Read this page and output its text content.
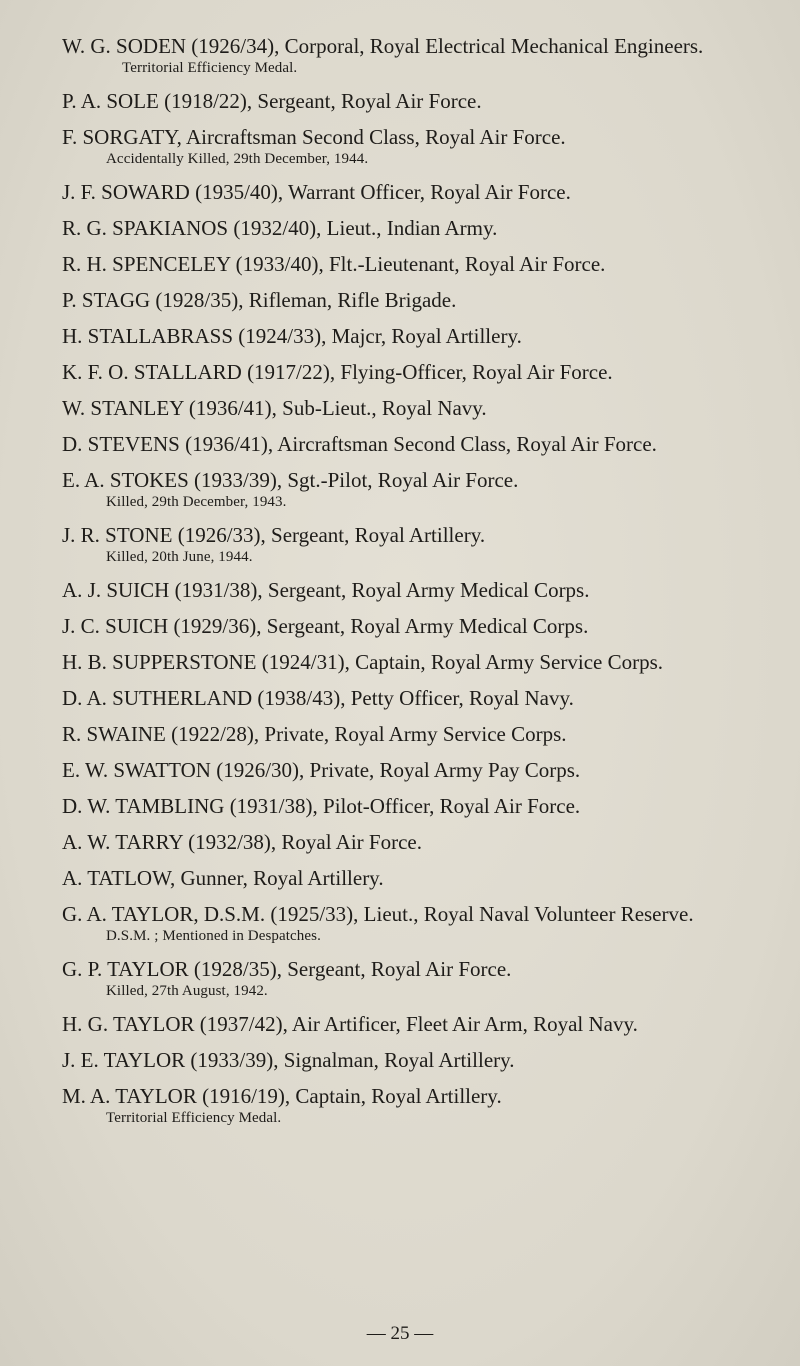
W. G. SODEN (1926/34), Corporal, Royal Electrical Mechanical Engineers.
Territorial Efficiency Medal.
P. A. SOLE (1918/22), Sergeant, Royal Air Force.
F. SORGATY, Aircraftsman Second Class, Royal Air Force.
Accidentally Killed, 29th December, 1944.
J. F. SOWARD (1935/40), Warrant Officer, Royal Air Force.
R. G. SPAKIANOS (1932/40), Lieut., Indian Army.
R. H. SPENCELEY (1933/40), Flt.-Lieutenant, Royal Air Force.
P. STAGG (1928/35), Rifleman, Rifle Brigade.
H. STALLABRASS (1924/33), Majcr, Royal Artillery.
K. F. O. STALLARD (1917/22), Flying-Officer, Royal Air Force.
W. STANLEY (1936/41), Sub-Lieut., Royal Navy.
D. STEVENS (1936/41), Aircraftsman Second Class, Royal Air Force.
E. A. STOKES (1933/39), Sgt.-Pilot, Royal Air Force.
Killed, 29th December, 1943.
J. R. STONE (1926/33), Sergeant, Royal Artillery.
Killed, 20th June, 1944.
A. J. SUICH (1931/38), Sergeant, Royal Army Medical Corps.
J. C. SUICH (1929/36), Sergeant, Royal Army Medical Corps.
H. B. SUPPERSTONE (1924/31), Captain, Royal Army Service Corps.
D. A. SUTHERLAND (1938/43), Petty Officer, Royal Navy.
R. SWAINE (1922/28), Private, Royal Army Service Corps.
E. W. SWATTON (1926/30), Private, Royal Army Pay Corps.
D. W. TAMBLING (1931/38), Pilot-Officer, Royal Air Force.
A. W. TARRY (1932/38), Royal Air Force.
A. TATLOW, Gunner, Royal Artillery.
G. A. TAYLOR, D.S.M. (1925/33), Lieut., Royal Naval Volunteer Reserve.
D.S.M. ; Mentioned in Despatches.
G. P. TAYLOR (1928/35), Sergeant, Royal Air Force.
Killed, 27th August, 1942.
H. G. TAYLOR (1937/42), Air Artificer, Fleet Air Arm, Royal Navy.
J. E. TAYLOR (1933/39), Signalman, Royal Artillery.
M. A. TAYLOR (1916/19), Captain, Royal Artillery.
Territorial Efficiency Medal.
— 25 —
